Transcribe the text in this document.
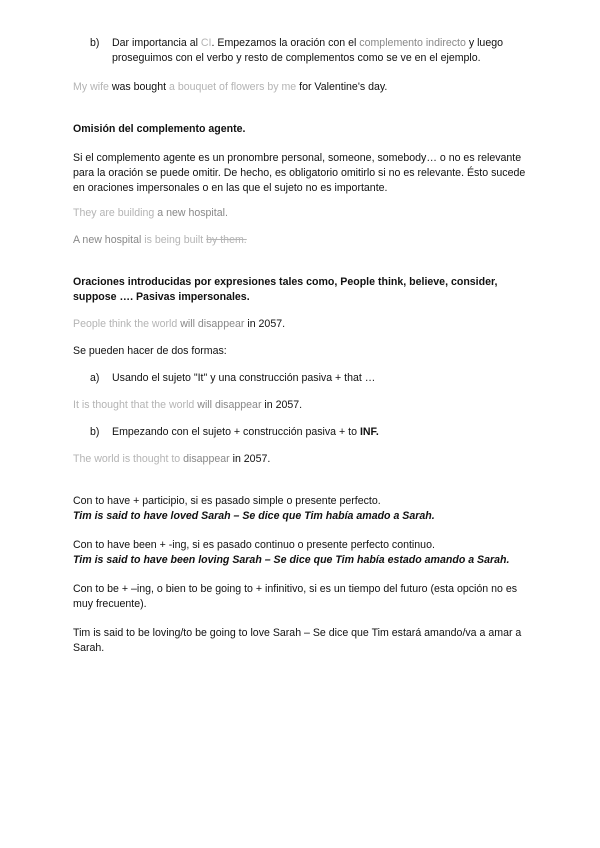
b)	Dar importancia al CI. Empezamos la oración con el complemento indirecto y luego proseguimos con el verbo y resto de complementos como se ve en el ejemplo.

My wife was bought a bouquet of flowers by me for Valentine's day.

Omisión del complemento agente.

Si el complemento agente es un pronombre personal, someone, somebody… o no es relevante para la oración se puede omitir. De hecho, es obligatorio omitirlo si no es relevante. Ésto sucede en oraciones impersonales o en las que el sujeto no es importante.

They are building a new hospital.

A new hospital is being built by them.

Oraciones introducidas por expresiones tales como, People think, believe, consider, suppose …. Pasivas impersonales.

People think the world will disappear in 2057.

Se pueden hacer de dos formas:

a)	Usando el sujeto "It" y una construcción pasiva + that …

It is thought that the world will disappear in 2057.

b)	Empezando con el sujeto + construcción pasiva + to INF.

The world is thought to disappear in 2057.

Con to have + participio, si es pasado simple o presente perfecto.

Tim is said to have loved Sarah – Se dice que Tim había amado a Sarah.

Con to have been + -ing, si es pasado continuo o presente perfecto continuo.

Tim is said to have been loving Sarah – Se dice que Tim había estado amando a Sarah.

Con to be + –ing, o bien to be going to + infinitivo, si es un tiempo del futuro (esta opción no es muy frecuente).

Tim is said to be loving/to be going to love Sarah – Se dice que Tim estará amando/va a amar a Sarah.
